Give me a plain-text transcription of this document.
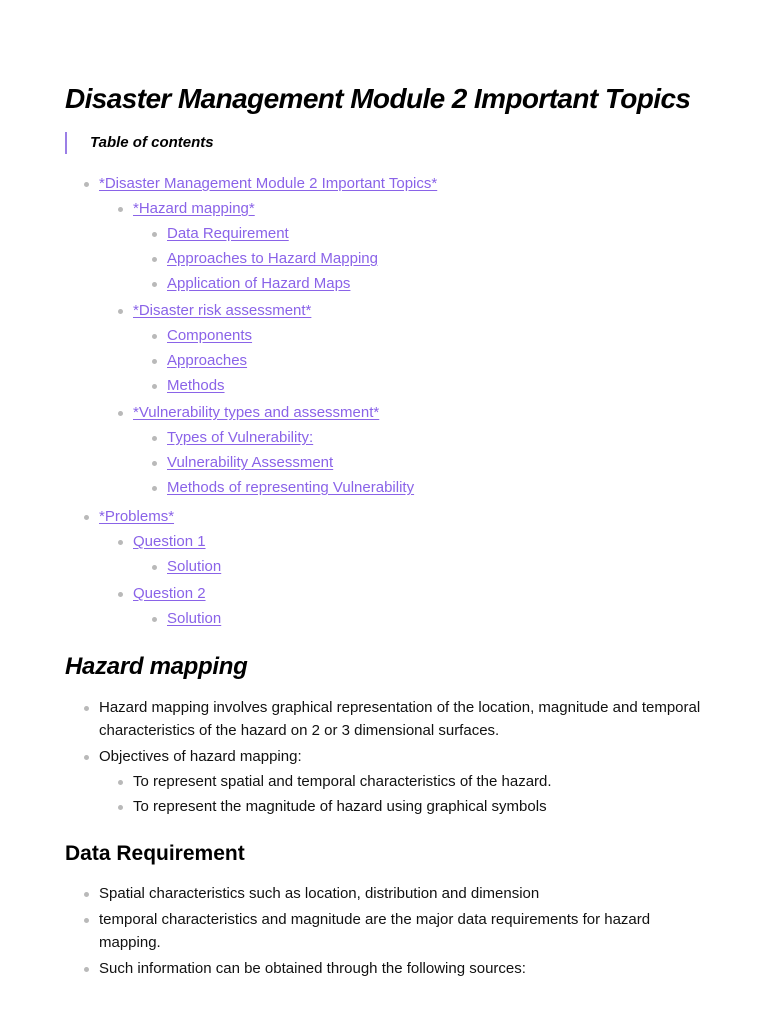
Disaster Management Module 2 Important Topics
Table of contents
*Disaster Management Module 2 Important Topics*
*Hazard mapping*
Data Requirement
Approaches to Hazard Mapping
Application of Hazard Maps
*Disaster risk assessment*
Components
Approaches
Methods
*Vulnerability types and assessment*
Types of Vulnerability:
Vulnerability Assessment
Methods of representing Vulnerability
*Problems*
Question 1
Solution
Question 2
Solution
Hazard mapping
Hazard mapping involves graphical representation of the location, magnitude and temporal characteristics of the hazard on 2 or 3 dimensional surfaces.
Objectives of hazard mapping:
To represent spatial and temporal characteristics of the hazard.
To represent the magnitude of hazard using graphical symbols
Data Requirement
Spatial characteristics such as location, distribution and dimension
temporal characteristics and magnitude are the major data requirements for hazard mapping.
Such information can be obtained through the following sources:
